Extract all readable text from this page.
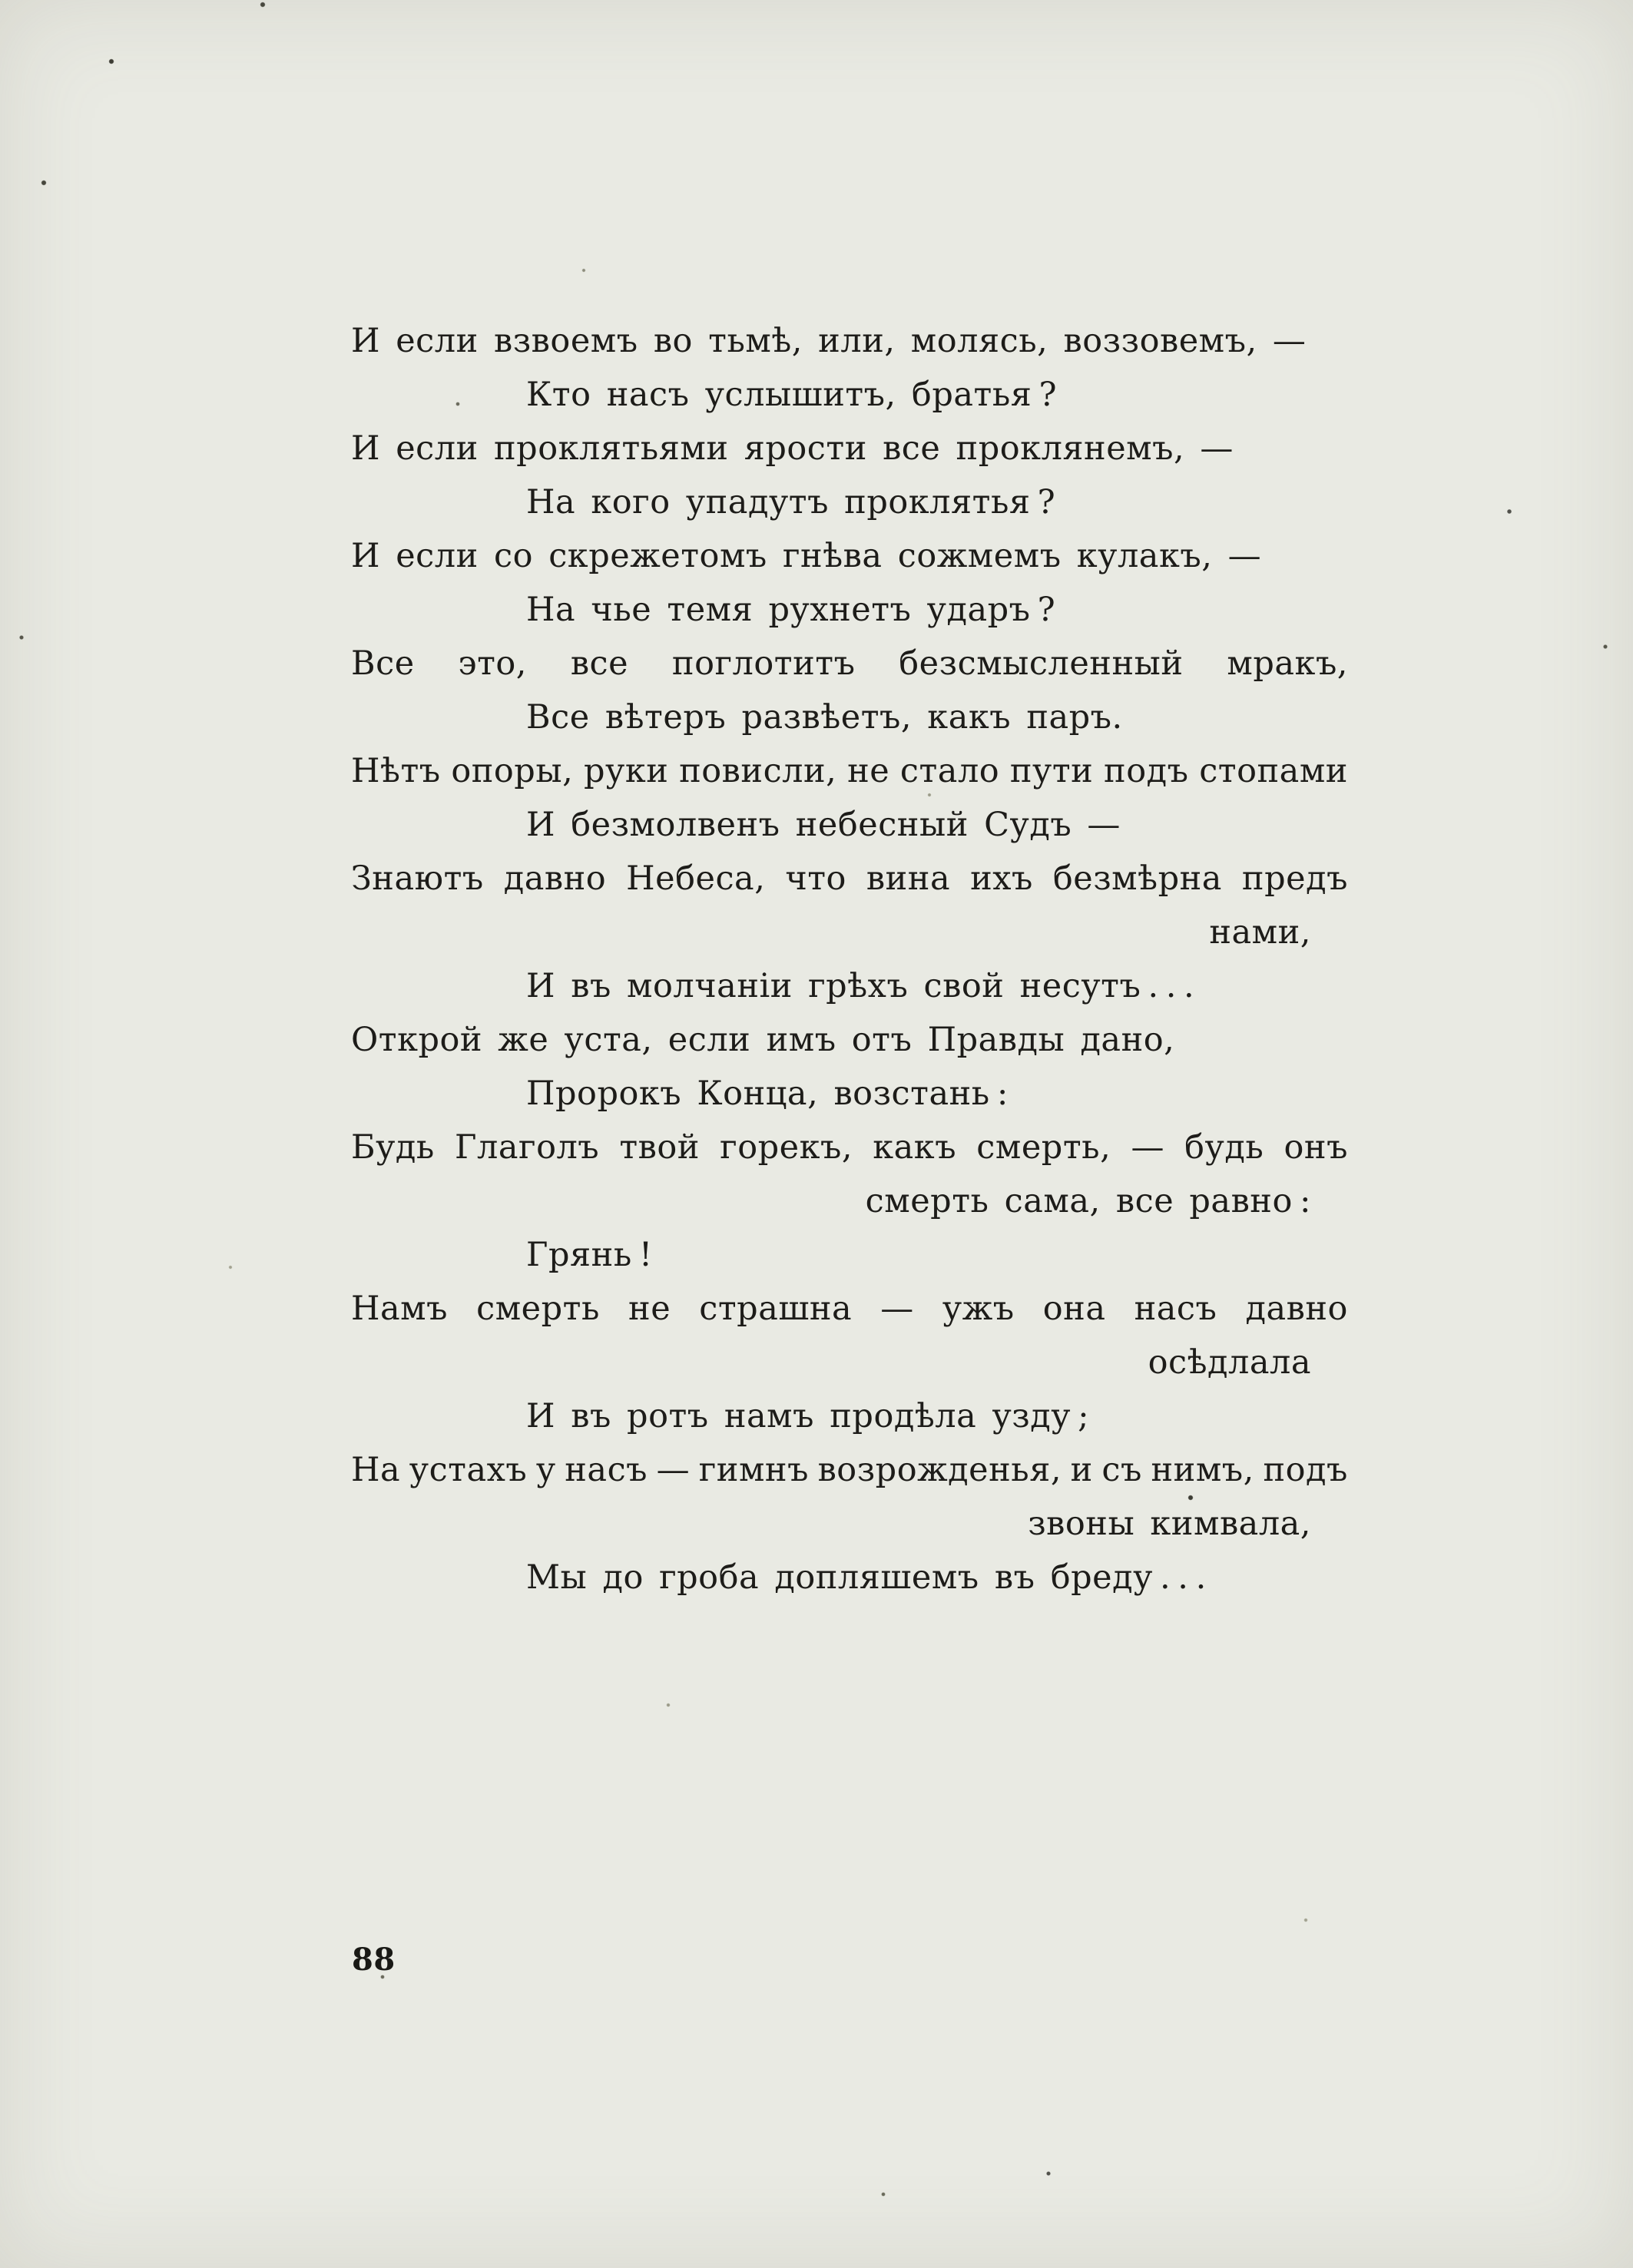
И если взвоемъ во тьмѣ, или, молясь, воззовемъ, —
Кто насъ услышитъ, братья ?
И если проклятьями ярости все проклянемъ, —
На кого упадутъ проклятья ?
И если со скрежетомъ гнѣва сожмемъ кулакъ, —
На чье темя рухнетъ ударъ ?
Все это, все поглотитъ безсмысленный мракъ,
Все вѣтеръ развѣетъ, какъ паръ.
Нѣтъ опоры, руки повисли, не стало пути подъ стопами
И безмолвенъ небесный Судъ —
Знаютъ давно Небеса, что вина ихъ безмѣрна предъ
нами,
И въ молчаніи грѣхъ свой несутъ . . .
Открой же уста, если имъ отъ Правды дано,
Пророкъ Конца, возстань :
Будь Глаголъ твой горекъ, какъ смерть, — будь онъ
смерть сама, все равно :
Грянь !
Намъ смерть не страшна — ужъ она насъ давно
осѣдлала
И въ ротъ намъ продѣла узду ;
На устахъ у насъ — гимнъ возрожденья, и съ нимъ, подъ
звоны кимвала,
Мы до гроба допляшемъ въ бреду . . .
88
